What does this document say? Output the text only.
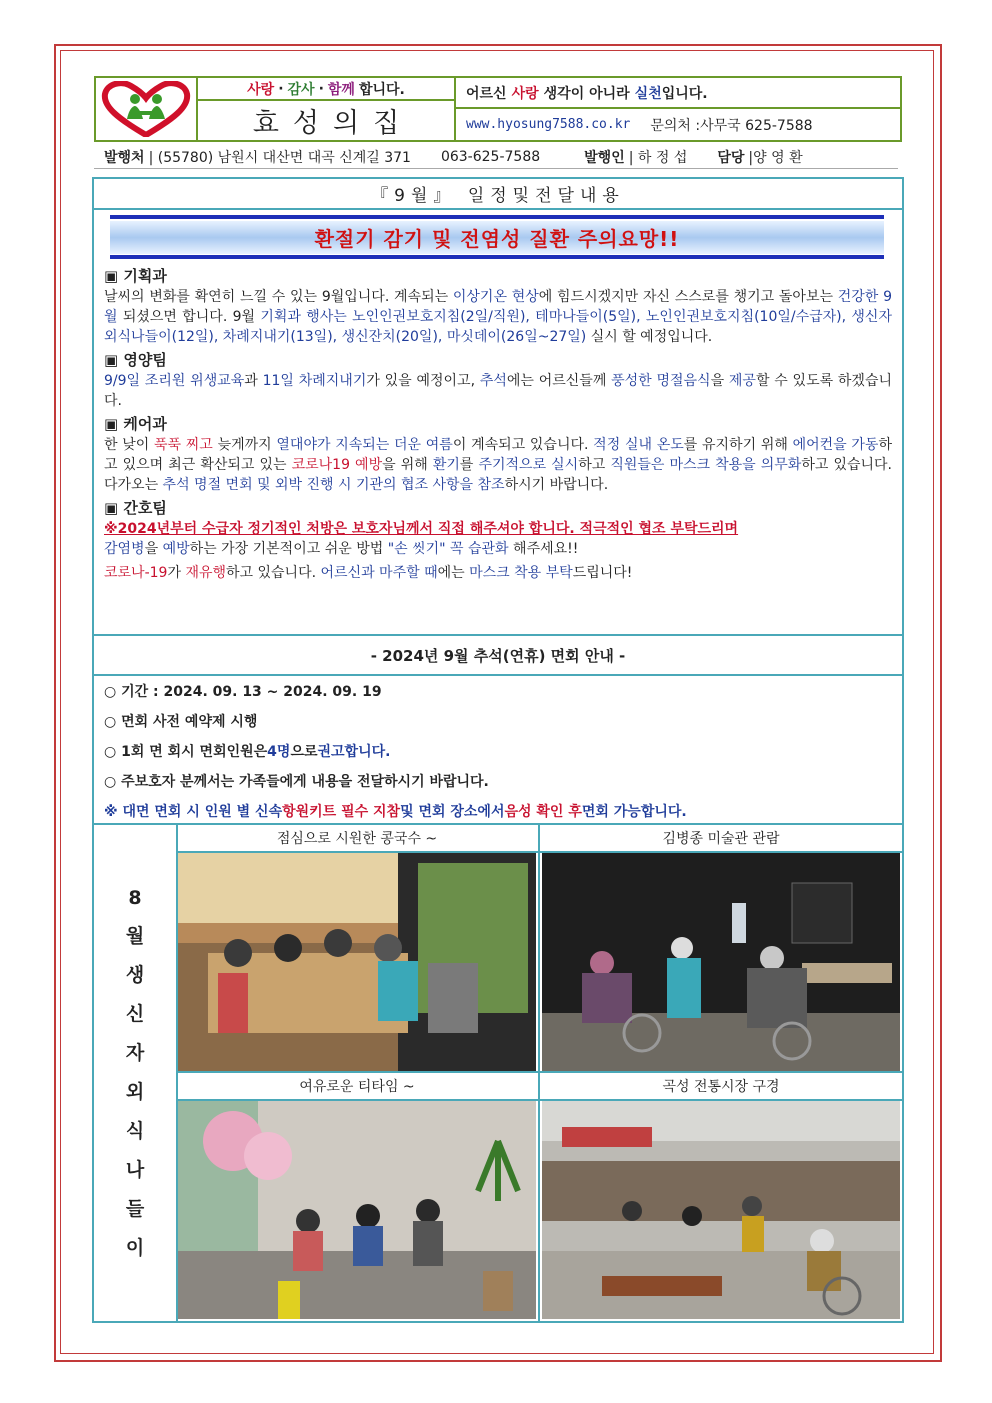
사랑 · 감사 · 함께 합니다.
효성의집
어르신 사랑 생각이 아니라 실천 입니다.
www.hyosung7588.co.kr 문의처 :사무국 625-7588
발행처 | (55780) 남원시 대산면 대곡 신계길 371 063-625-7588	발행인 | 하 정 섭 담당 |양 영 환
『9월』 일정및전달내용
환절기 감기 및 전염성 질환 주의요망!!

▣ 기획과

날씨의 변화를 확연히 느낄 수 있는 9월입니다. 계속되는 이상기온 현상에 힘드시겠지만 자신 스스로를 챙기고 돌아보는 건강한 9월 되셨으면 합니다. 9월 기획과 행사는 노인인권보호지침(2일/직원), 테마나들이(5일), 노인인권보호지침(10일/수급자), 생신자외식나들이(12일), 차례지내기(13일), 생신잔치(20일), 마싯데이(26일~27일) 실시 할 예정입니다.

▣ 영양팀

9/9일 조리원 위생교육과 11일 차례지내기가 있을 예정이고, 추석에는 어르신들께 풍성한 명절음식을 제공할 수 있도록 하겠습니다.

▣ 케어과

한 낮이 푹푹 찌고 늦게까지 열대야가 지속되는 더운 여름이 계속되고 있습니다. 적정 실내 온도를 유지하기 위해 에어컨을 가동하고 있으며 최근 확산되고 있는 코로나19 예방을 위해 환기를 주기적으로 실시하고 직원들은 마스크 착용을 의무화하고 있습니다. 다가오는 추석 명절 면회 및 외박 진행 시 기관의 협조 사항을 참조하시기 바랍니다.

▣ 간호팀

※2024년부터 수급자 정기적인 처방은 보호자님께서 직접 해주셔야 합니다. 적극적인 협조 부탁드리며
감염병을 예방하는 가장 기본적이고 쉬운 방법 "손 씻기" 꼭 습관화 해주세요!!

코로나-19가 재유행하고 있습니다. 어르신과 마주할 때에는 마스크 착용 부탁드립니다!

- 2024년 9월 추석(연휴) 면회 안내 -
○ 기간 : 2024. 09. 13 ~ 2024. 09. 19
○ 면회 사전 예약제 시행
○ 1회 면 회시 면회인원은 4명 으로 권고합니다.
○ 주보호자 분께서는 가족들에게 내용을 전달하시기 바랍니다.
※ 대면 면회 시 인원 별 신속 항원키트 필수 지참 및 면회 장소에서 음성 확인 후 면회 가능합니다.
8
월
생
신
자
외
식
나
들
이
점심으로 시원한 콩국수 ~	김병종 미술관 관람
여유로운 티타임 ~	곡성 전통시장 구경
